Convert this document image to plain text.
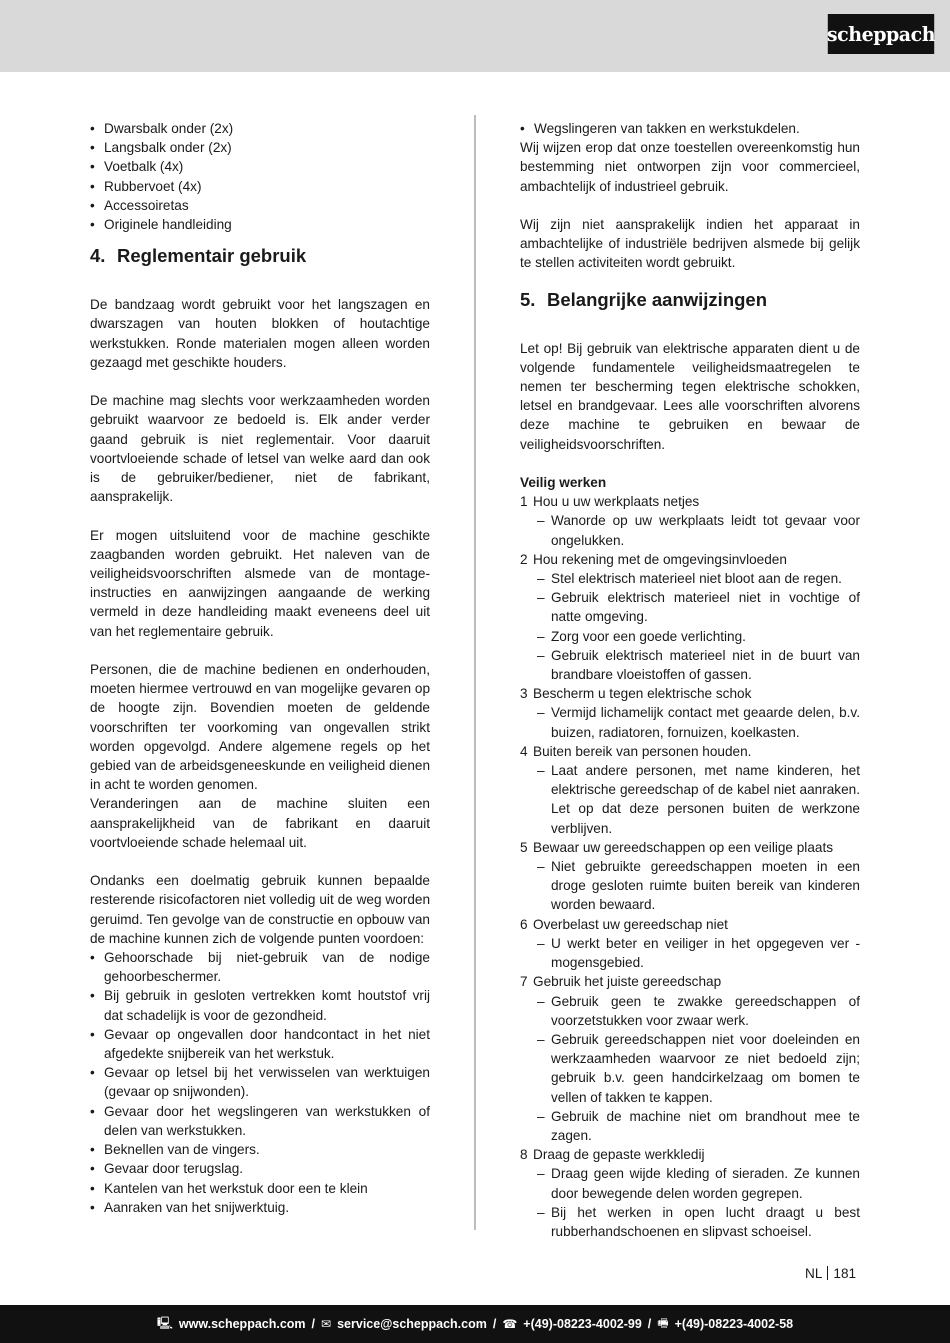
scheppach
• Dwarsbalk onder (2x)
• Langsbalk onder (2x)
• Voetbalk (4x)
• Rubbervoet (4x)
• Accessoiretas
• Originele handleiding
4. Reglementair gebruik

De bandzaag wordt gebruikt voor het langszagen en dwarszagen van houten blokken of houtachtige werkstukken. Ronde materialen mogen alleen worden gezaagd met geschikte houders.

De machine mag slechts voor werkzaamheden worden gebruikt waarvoor ze bedoeld is. Elk ander verder gaand gebruik is niet reglementair. Voor daaruit voortvloeiende schade of letsel van welke aard dan ook is de gebruiker/bediener, niet de fabrikant, aansprakelijk.

Er mogen uitsluitend voor de machine geschikte zaagbanden worden gebruikt. Het naleven van de veiligheidsvoorschriften alsmede van de montage-instructies en aanwijzingen aangaande de werking vermeld in deze handleiding maakt eveneens deel uit van het reglementaire gebruik.

Personen, die de machine bedienen en onderhouden, moeten hiermee vertrouwd en van mogelijke gevaren op de hoogte zijn. Bovendien moeten de geldende voorschriften ter voorkoming van ongevallen strikt worden opgevolgd. Andere algemene regels op het gebied van de arbeidsgeneeskunde en veiligheid dienen in acht te worden genomen.

Veranderingen aan de machine sluiten een aansprakelijkheid van de fabrikant en daaruit voortvloeiende schade helemaal uit.

Ondanks een doelmatig gebruik kunnen bepaalde resterende risicofactoren niet volledig uit de weg worden geruimd. Ten gevolge van de constructie en opbouw van de machine kunnen zich de volgende punten voordoen:

• Gehoorschade bij niet-gebruik van de nodige gehoorbeschermer.
• Bij gebruik in gesloten vertrekken komt houtstof vrij dat schadelijk is voor de gezondheid.
• Gevaar op ongevallen door handcontact in het niet afgedekte snijbereik van het werkstuk.
• Gevaar op letsel bij het verwisselen van werktuigen (gevaar op snijwonden).
• Gevaar door het wegslingeren van werkstukken of delen van werkstukken.
• Beknellen van de vingers.
• Gevaar door terugslag.
• Kantelen van het werkstuk door een te klein
• Aanraken van het snijwerktuig.
• Wegslingeren van takken en werkstukdelen.

Wij wijzen erop dat onze toestellen overeenkomstig hun bestemming niet ontworpen zijn voor commercieel, ambachtelijk of industrieel gebruik.

Wij zijn niet aansprakelijk indien het apparaat in ambachtelijke of industriële bedrijven alsmede bij gelijk te stellen activiteiten wordt gebruikt.

5. Belangrijke aanwijzingen

Let op! Bij gebruik van elektrische apparaten dient u de volgende fundamentele veiligheidsmaatregelen te nemen ter bescherming tegen elektrische schokken, letsel en brandgevaar. Lees alle voorschriften alvorens deze machine te gebruiken en bewaar de veiligheidsvoorschriften.

Veilig werken

1 Hou u uw werkplaats netjes
– Wanorde op uw werkplaats leidt tot gevaar voor ongelukken.
2 Hou rekening met de omgevingsinvloeden
– Stel elektrisch materieel niet bloot aan de regen.
– Gebruik elektrisch materieel niet in vochtige of natte omgeving.
– Zorg voor een goede verlichting.
– Gebruik elektrisch materieel niet in de buurt van brandbare vloeistoffen of gassen.
3 Bescherm u tegen elektrische schok
– Vermijd lichamelijk contact met geaarde delen, b.v. buizen, radiatoren, fornuizen, koelkasten.
4 Buiten bereik van personen houden.
– Laat andere personen, met name kinderen, het elektrische gereedschap of de kabel niet aanraken. Let op dat deze personen buiten de werkzone verblijven.
5 Bewaar uw gereedschappen op een veilige plaats
– Niet gebruikte gereedschappen moeten in een droge gesloten ruimte buiten bereik van kinderen worden bewaard.
6 Overbelast uw gereedschap niet
– U werkt beter en veiliger in het opgegeven ver - mogensgebied.
7 Gebruik het juiste gereedschap
– Gebruik geen te zwakke gereedschappen of voorzetstukken voor zwaar werk.
– Gebruik gereedschappen niet voor doeleinden en werkzaamheden waarvoor ze niet bedoeld zijn; gebruik b.v. geen handcirkelzaag om bomen te vellen of takken te kappen.
– Gebruik de machine niet om brandhout mee te zagen.
8 Draag de gepaste werkkledij
– Draag geen wijde kleding of sieraden. Ze kunnen door bewegende delen worden gegrepen.
– Bij het werken in open lucht draagt u best rubberhandschoenen en slipvast schoeisel.
NL 181
🖳 www.scheppach.com / ✉ service@scheppach.com / ☎ +(49)-08223-4002-99 / 🖷 +(49)-08223-4002-58
